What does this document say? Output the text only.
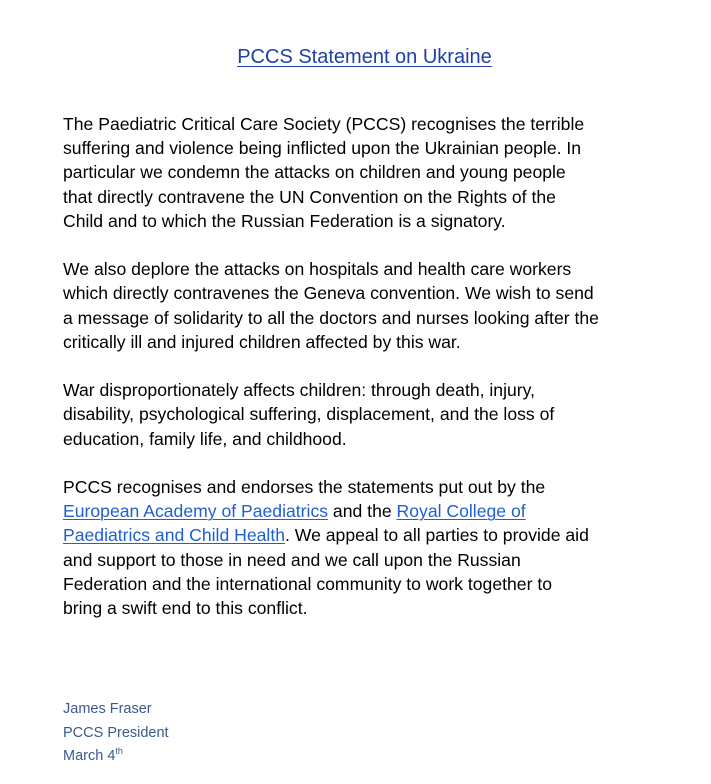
PCCS Statement on Ukraine

The Paediatric Critical Care Society (PCCS) recognises the terrible
suffering and violence being inflicted upon the Ukrainian people. In
particular we condemn the attacks on children and young people
that directly contravene the UN Convention on the Rights of the
Child and to which the Russian Federation is a signatory.

We also deplore the attacks on hospitals and health care workers
which directly contravenes the Geneva convention. We wish to send
a message of solidarity to all the doctors and nurses looking after the
critically ill and injured children affected by this war.

War disproportionately affects children: through death, injury,
disability, psychological suffering, displacement, and the loss of
education, family life, and childhood.

PCCS recognises and endorses the statements put out by the
European Academy of Paediatrics and the Royal College of
Paediatrics and Child Health. We appeal to all parties to provide aid
and support to those in need and we call upon the Russian
Federation and the international community to work together to
bring a swift end to this conflict.

James Fraser
PCCS President
March 4th
